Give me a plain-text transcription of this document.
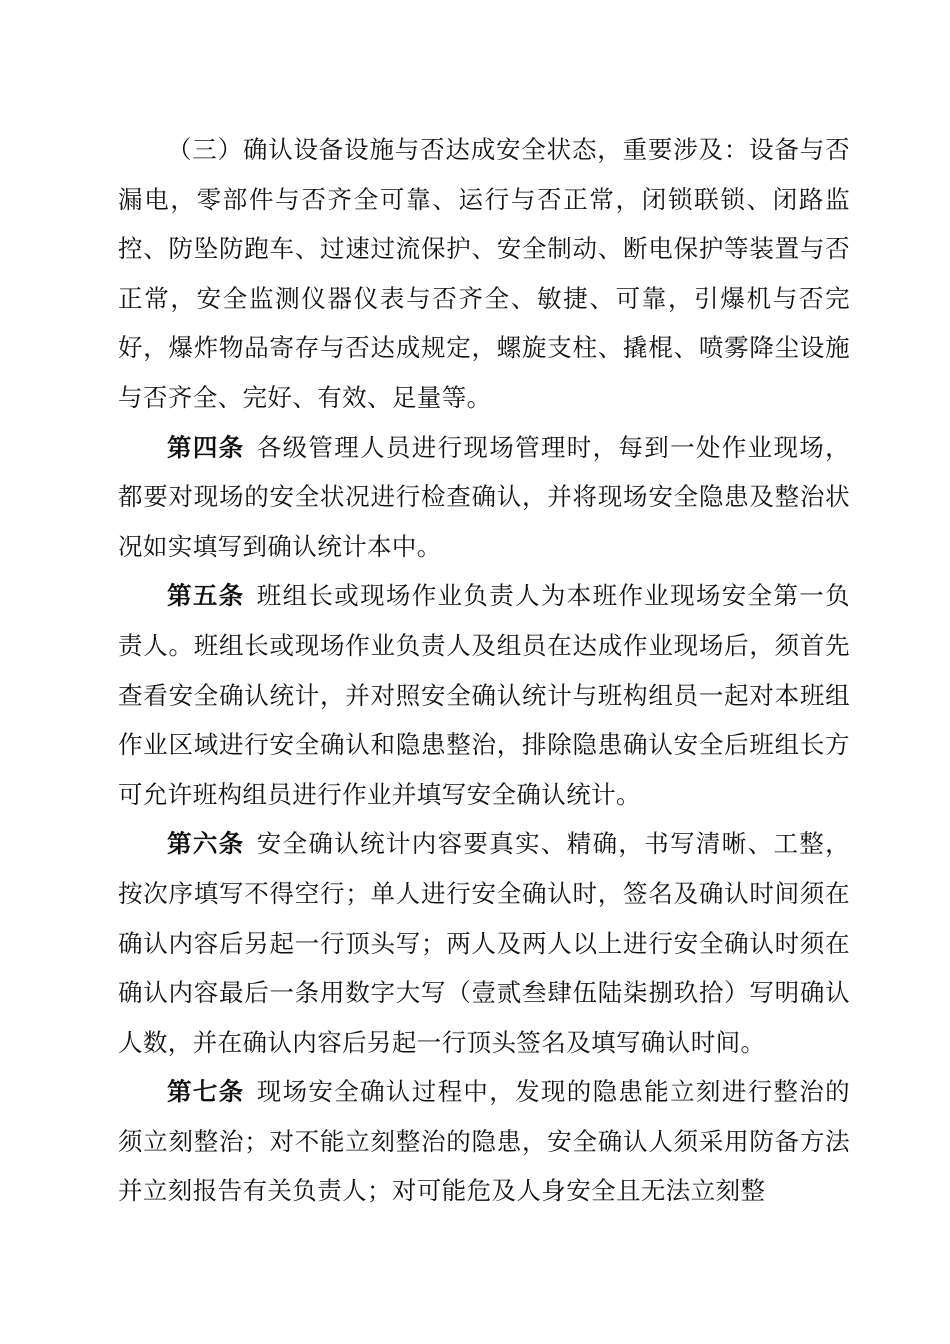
（三）确认设备设施与否达成安全状态，重要涉及：设备与否漏电，零部件与否齐全可靠、运行与否正常，闭锁联锁、闭路监控、防坠防跑车、过速过流保护、安全制动、断电保护等装置与否正常，安全监测仪器仪表与否齐全、敏捷、可靠，引爆机与否完好，爆炸物品寄存与否达成规定，螺旋支柱、撬棍、喷雾降尘设施与否齐全、完好、有效、足量等。

第四条 各级管理人员进行现场管理时，每到一处作业现场，都要对现场的安全状况进行检查确认，并将现场安全隐患及整治状况如实填写到确认统计本中。

第五条 班组长或现场作业负责人为本班作业现场安全第一负责人。班组长或现场作业负责人及组员在达成作业现场后，须首先查看安全确认统计，并对照安全确认统计与班构组员一起对本班组作业区域进行安全确认和隐患整治，排除隐患确认安全后班组长方可允许班构组员进行作业并填写安全确认统计。

第六条 安全确认统计内容要真实、精确，书写清晰、工整，按次序填写不得空行；单人进行安全确认时，签名及确认时间须在确认内容后另起一行顶头写；两人及两人以上进行安全确认时须在确认内容最后一条用数字大写（壹贰叁肆伍陆柒捌玖拾）写明确认人数，并在确认内容后另起一行顶头签名及填写确认时间。

第七条 现场安全确认过程中，发现的隐患能立刻进行整治的须立刻整治；对不能立刻整治的隐患，安全确认人须采用防备方法并立刻报告有关负责人；对可能危及人身安全且无法立刻整
